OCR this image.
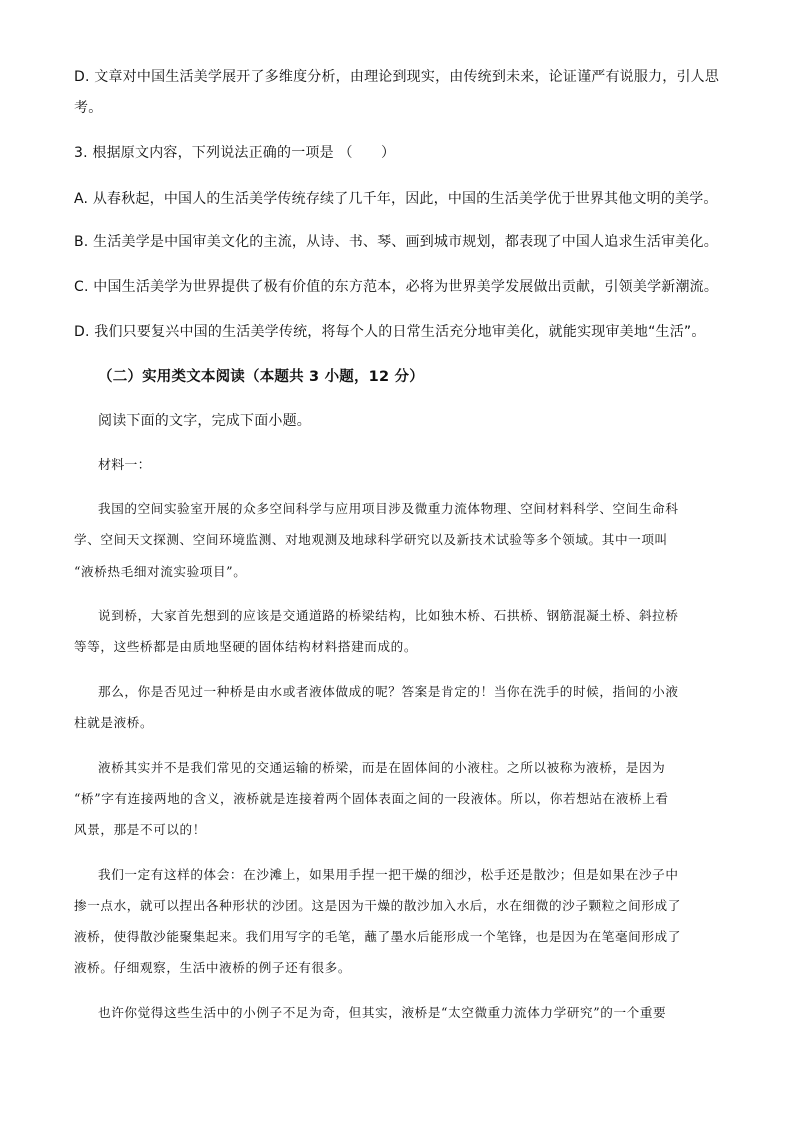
D. 文章对中国生活美学展开了多维度分析，由理论到现实，由传统到未来，论证谨严有说服力，引人思
考。
3. 根据原文内容，下列说法正确的一项是 （　　）
A. 从春秋起，中国人的生活美学传统存续了几千年，因此，中国的生活美学优于世界其他文明的美学。
B. 生活美学是中国审美文化的主流，从诗、书、琴、画到城市规划，都表现了中国人追求生活审美化。
C. 中国生活美学为世界提供了极有价值的东方范本，必将为世界美学发展做出贡献，引领美学新潮流。
D. 我们只要复兴中国的生活美学传统，将每个人的日常生活充分地审美化，就能实现审美地“生活”。
（二）实用类文本阅读（本题共 3 小题，12 分）
阅读下面的文字，完成下面小题。
材料一：
我国的空间实验室开展的众多空间科学与应用项目涉及微重力流体物理、空间材料科学、空间生命科
学、空间天文探测、空间环境监测、对地观测及地球科学研究以及新技术试验等多个领域。其中一项叫
“液桥热毛细对流实验项目”。
说到桥，大家首先想到的应该是交通道路的桥梁结构，比如独木桥、石拱桥、钢筋混凝土桥、斜拉桥
等等，这些桥都是由质地坚硬的固体结构材料搭建而成的。
那么，你是否见过一种桥是由水或者液体做成的呢？答案是肯定的！当你在洗手的时候，指间的小液
柱就是液桥。
液桥其实并不是我们常见的交通运输的桥梁，而是在固体间的小液柱。之所以被称为液桥，是因为
“桥”字有连接两地的含义，液桥就是连接着两个固体表面之间的一段液体。所以，你若想站在液桥上看
风景，那是不可以的！
我们一定有这样的体会：在沙滩上，如果用手捏一把干燥的细沙，松手还是散沙；但是如果在沙子中
掺一点水，就可以捏出各种形状的沙团。这是因为干燥的散沙加入水后，水在细微的沙子颗粒之间形成了
液桥，使得散沙能聚集起来。我们用写字的毛笔，蘸了墨水后能形成一个笔锋，也是因为在笔毫间形成了
液桥。仔细观察，生活中液桥的例子还有很多。
也许你觉得这些生活中的小例子不足为奇，但其实，液桥是“太空微重力流体力学研究”的一个重要
